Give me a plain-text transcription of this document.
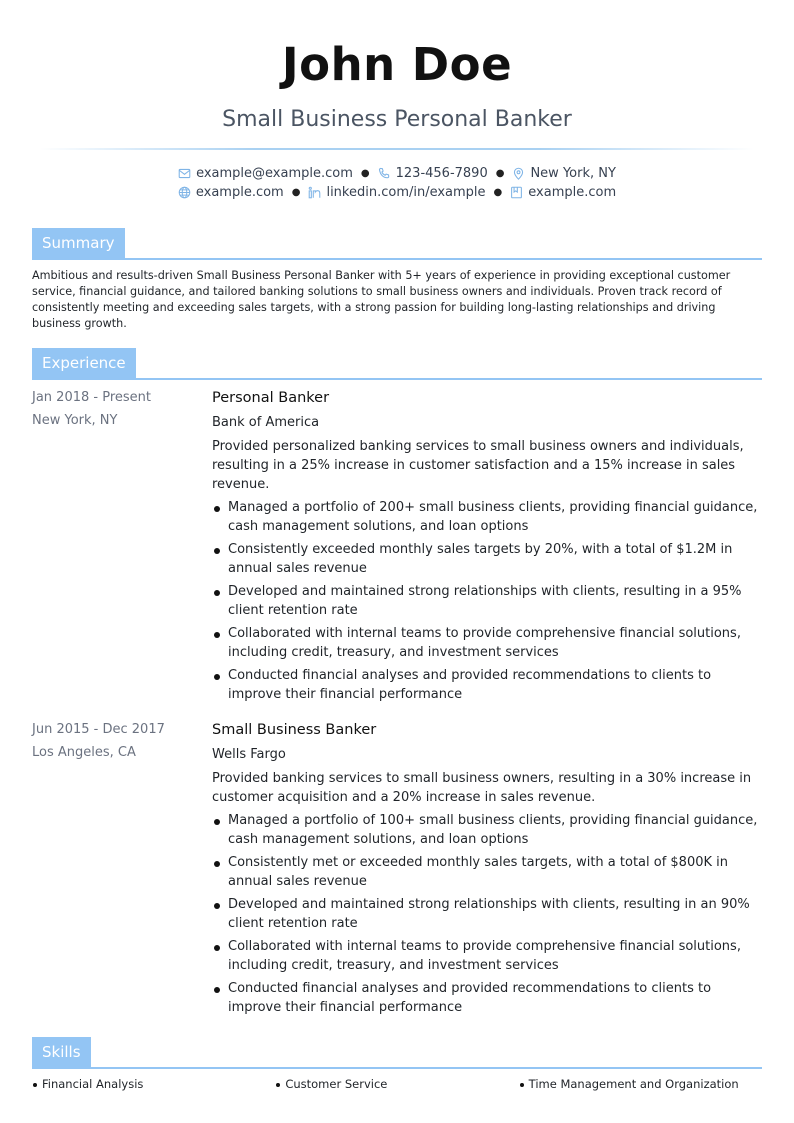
John Doe
Small Business Personal Banker
example@example.com ● 123-456-7890 ● New York, NY
example.com ● linkedin.com/in/example ● example.com
Summary
Ambitious and results-driven Small Business Personal Banker with 5+ years of experience in providing exceptional customer service, financial guidance, and tailored banking solutions to small business owners and individuals. Proven track record of consistently meeting and exceeding sales targets, with a strong passion for building long-lasting relationships and driving business growth.
Experience
Jan 2018 - Present
New York, NY
Personal Banker
Bank of America
Provided personalized banking services to small business owners and individuals, resulting in a 25% increase in customer satisfaction and a 15% increase in sales revenue.
Managed a portfolio of 200+ small business clients, providing financial guidance, cash management solutions, and loan options
Consistently exceeded monthly sales targets by 20%, with a total of $1.2M in annual sales revenue
Developed and maintained strong relationships with clients, resulting in a 95% client retention rate
Collaborated with internal teams to provide comprehensive financial solutions, including credit, treasury, and investment services
Conducted financial analyses and provided recommendations to clients to improve their financial performance
Jun 2015 - Dec 2017
Los Angeles, CA
Small Business Banker
Wells Fargo
Provided banking services to small business owners, resulting in a 30% increase in customer acquisition and a 20% increase in sales revenue.
Managed a portfolio of 100+ small business clients, providing financial guidance, cash management solutions, and loan options
Consistently met or exceeded monthly sales targets, with a total of $800K in annual sales revenue
Developed and maintained strong relationships with clients, resulting in an 90% client retention rate
Collaborated with internal teams to provide comprehensive financial solutions, including credit, treasury, and investment services
Conducted financial analyses and provided recommendations to clients to improve their financial performance
Skills
Financial Analysis	Customer Service	Time Management and Organization
